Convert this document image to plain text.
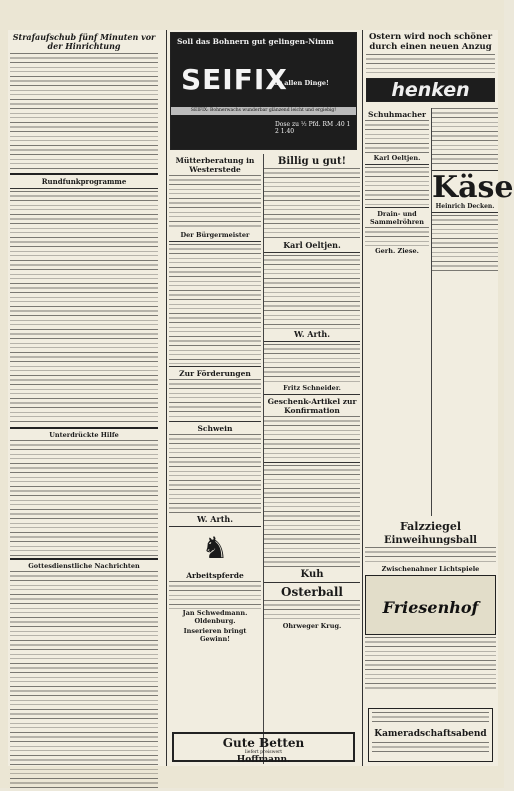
Strafaufschub fünf Minuten vor der Hinrichtung
Rundfunkprogramme
Unterdrückte Hilfe
Gottesdienstliche Nachrichten
Soll das Bohnern gut gelingen-Nimm
SEIFIX
für allen Dinge!
SEIFIX: Bohnerwachs wunderbar glänzend leicht und ergiebig!
Dose zu ½ Pfd. RM .40 1 2 1.40
Mütterberatung in Westerstede
Der Bürgermeister
Zur Förderungen
Schwein
W. Arth.
♞
Arbeitspferde
Jan Schwedmann. Oldenburg.
Inserieren bringt Gewinn!
Billig u gut!
Karl Oeltjen.
W. Arth.
Fritz Schneider.
Geschenk-Artikel zur Konfirmation
Kuh
Osterball
Ohrweger Krug.
Gute Betten
liefert preiswert
Hoffmann.
Ostern wird noch schöner durch einen neuen Anzug
henken
Schuhmacher
Karl Oeltjen.
Drain- und Sammelröhren
Gerh. Ziese.
Käse
Heinrich Decken.
Falzziegel
Einweihungsball
Zwischenahner Lichtspiele
Friesenhof
Kameradschaftsabend
